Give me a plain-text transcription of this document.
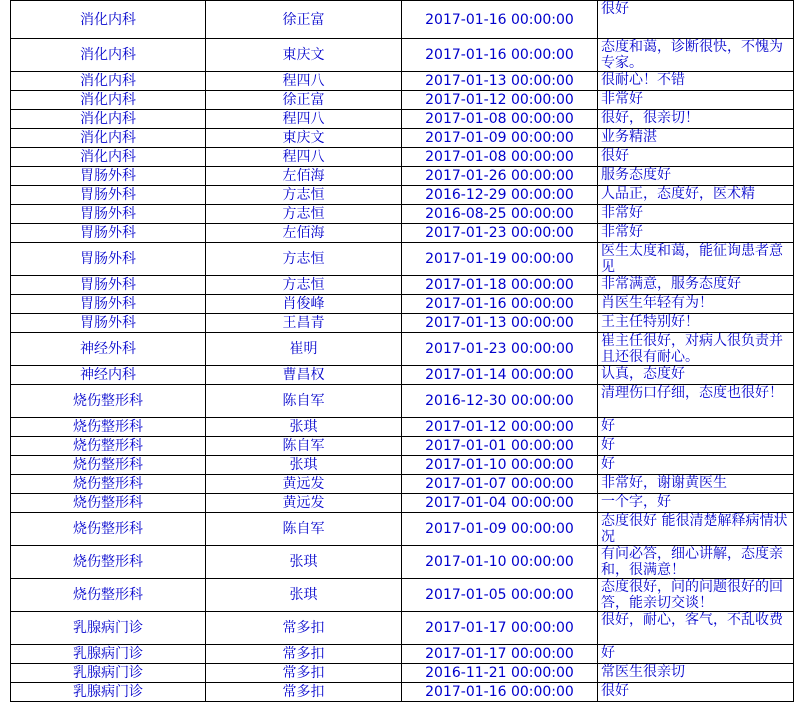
消化内科	徐正富	2017-01-16 00:00:00	很好
消化内科	東庆文	2017-01-16 00:00:00	态度和蔼，诊断很快，不愧为专家。
消化内科	程四八	2017-01-13 00:00:00	很耐心！不错
消化内科	徐正富	2017-01-12 00:00:00	非常好
消化内科	程四八	2017-01-08 00:00:00	很好，很亲切！
消化内科	東庆文	2017-01-09 00:00:00	业务精湛
消化内科	程四八	2017-01-08 00:00:00	很好
胃肠外科	左佰海	2017-01-26 00:00:00	服务态度好
胃肠外科	方志恒	2016-12-29 00:00:00	人品正，态度好，医术精
胃肠外科	方志恒	2016-08-25 00:00:00	非常好
胃肠外科	左佰海	2017-01-23 00:00:00	非常好
胃肠外科	方志恒	2017-01-19 00:00:00	医生太度和蔼，能征询患者意见
胃肠外科	方志恒	2017-01-18 00:00:00	非常满意，服务态度好
胃肠外科	肖俊峰	2017-01-16 00:00:00	肖医生年轻有为！
胃肠外科	王昌青	2017-01-13 00:00:00	王主任特别好！
神经外科	崔明	2017-01-23 00:00:00	崔主任很好，对病人很负责并且还很有耐心。
神经内科	曹昌权	2017-01-14 00:00:00	认真，态度好
烧伤整形科	陈自军	2016-12-30 00:00:00	清理伤口仔细，态度也很好！
烧伤整形科	张琪	2017-01-12 00:00:00	好
烧伤整形科	陈自军	2017-01-01 00:00:00	好
烧伤整形科	张琪	2017-01-10 00:00:00	好
烧伤整形科	黄远发	2017-01-07 00:00:00	非常好，谢谢黄医生
烧伤整形科	黄远发	2017-01-04 00:00:00	一个字，好
烧伤整形科	陈自军	2017-01-09 00:00:00	态度很好 能很清楚解释病情状况
烧伤整形科	张琪	2017-01-10 00:00:00	有问必答，细心讲解，态度亲和，很满意！
烧伤整形科	张琪	2017-01-05 00:00:00	态度很好，问的问题很好的回答，能亲切交谈！
乳腺病门诊	常多扣	2017-01-17 00:00:00	很好，耐心，客气，不乱收费
乳腺病门诊	常多扣	2017-01-17 00:00:00	好
乳腺病门诊	常多扣	2016-11-21 00:00:00	常医生很亲切
乳腺病门诊	常多扣	2017-01-16 00:00:00	很好
